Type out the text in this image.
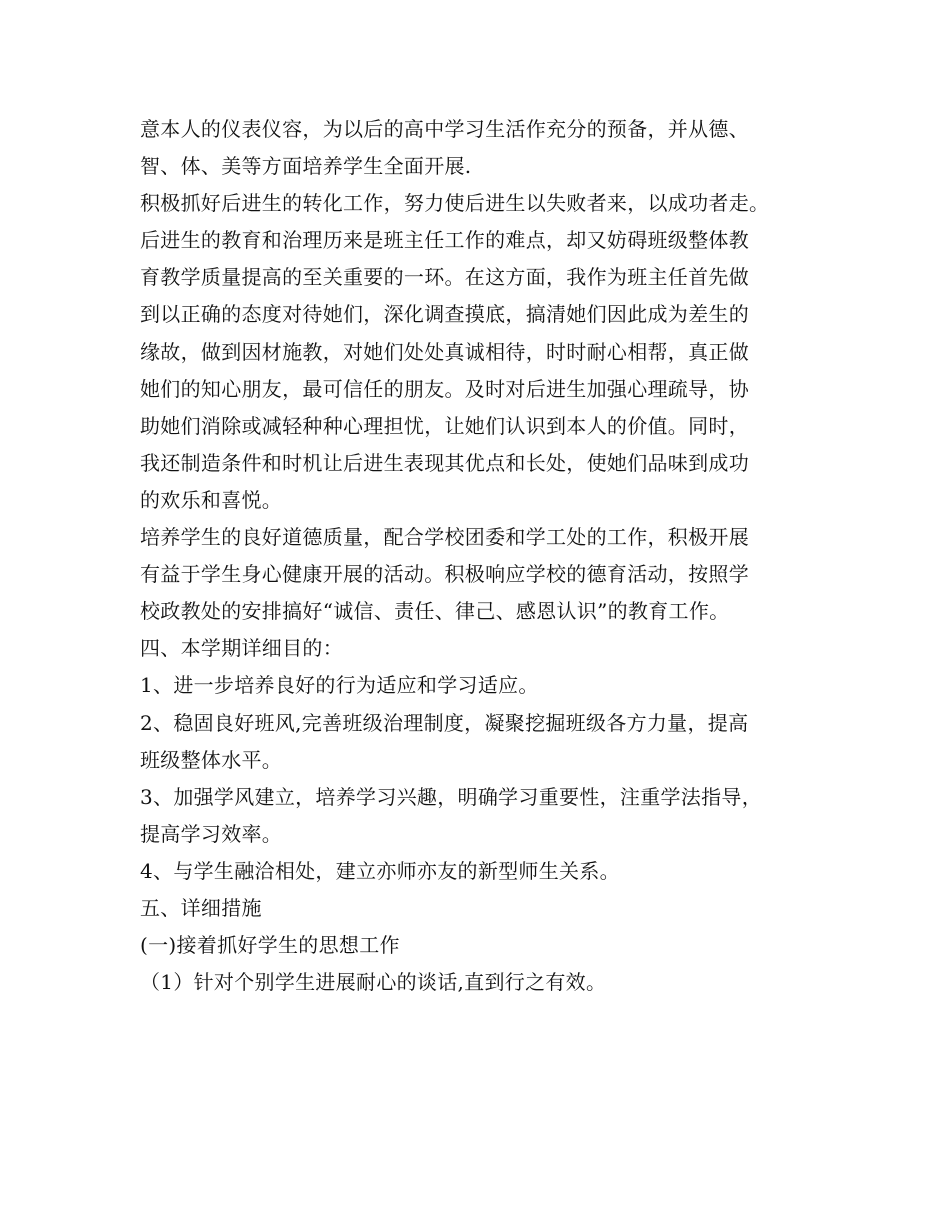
意本人的仪表仪容，为以后的高中学习生活作充分的预备，并从德、
智、体、美等方面培养学生全面开展.
积极抓好后进生的转化工作，努力使后进生以失败者来，以成功者走。
后进生的教育和治理历来是班主任工作的难点，却又妨碍班级整体教
育教学质量提高的至关重要的一环。在这方面，我作为班主任首先做
到以正确的态度对待她们，深化调查摸底，搞清她们因此成为差生的
缘故，做到因材施教，对她们处处真诚相待，时时耐心相帮，真正做
她们的知心朋友，最可信任的朋友。及时对后进生加强心理疏导，协
助她们消除或减轻种种心理担忧，让她们认识到本人的价值。同时，
我还制造条件和时机让后进生表现其优点和长处，使她们品味到成功
的欢乐和喜悦。
培养学生的良好道德质量，配合学校团委和学工处的工作，积极开展
有益于学生身心健康开展的活动。积极响应学校的德育活动，按照学
校政教处的安排搞好“诚信、责任、律己、感恩认识”的教育工作。
四、本学期详细目的：
1、进一步培养良好的行为适应和学习适应。
2、稳固良好班风,完善班级治理制度，凝聚挖掘班级各方力量，提高
班级整体水平。
3、加强学风建立，培养学习兴趣，明确学习重要性，注重学法指导，
提高学习效率。
4、与学生融洽相处，建立亦师亦友的新型师生关系。
五、详细措施
(一)接着抓好学生的思想工作
（1）针对个别学生进展耐心的谈话,直到行之有效。
